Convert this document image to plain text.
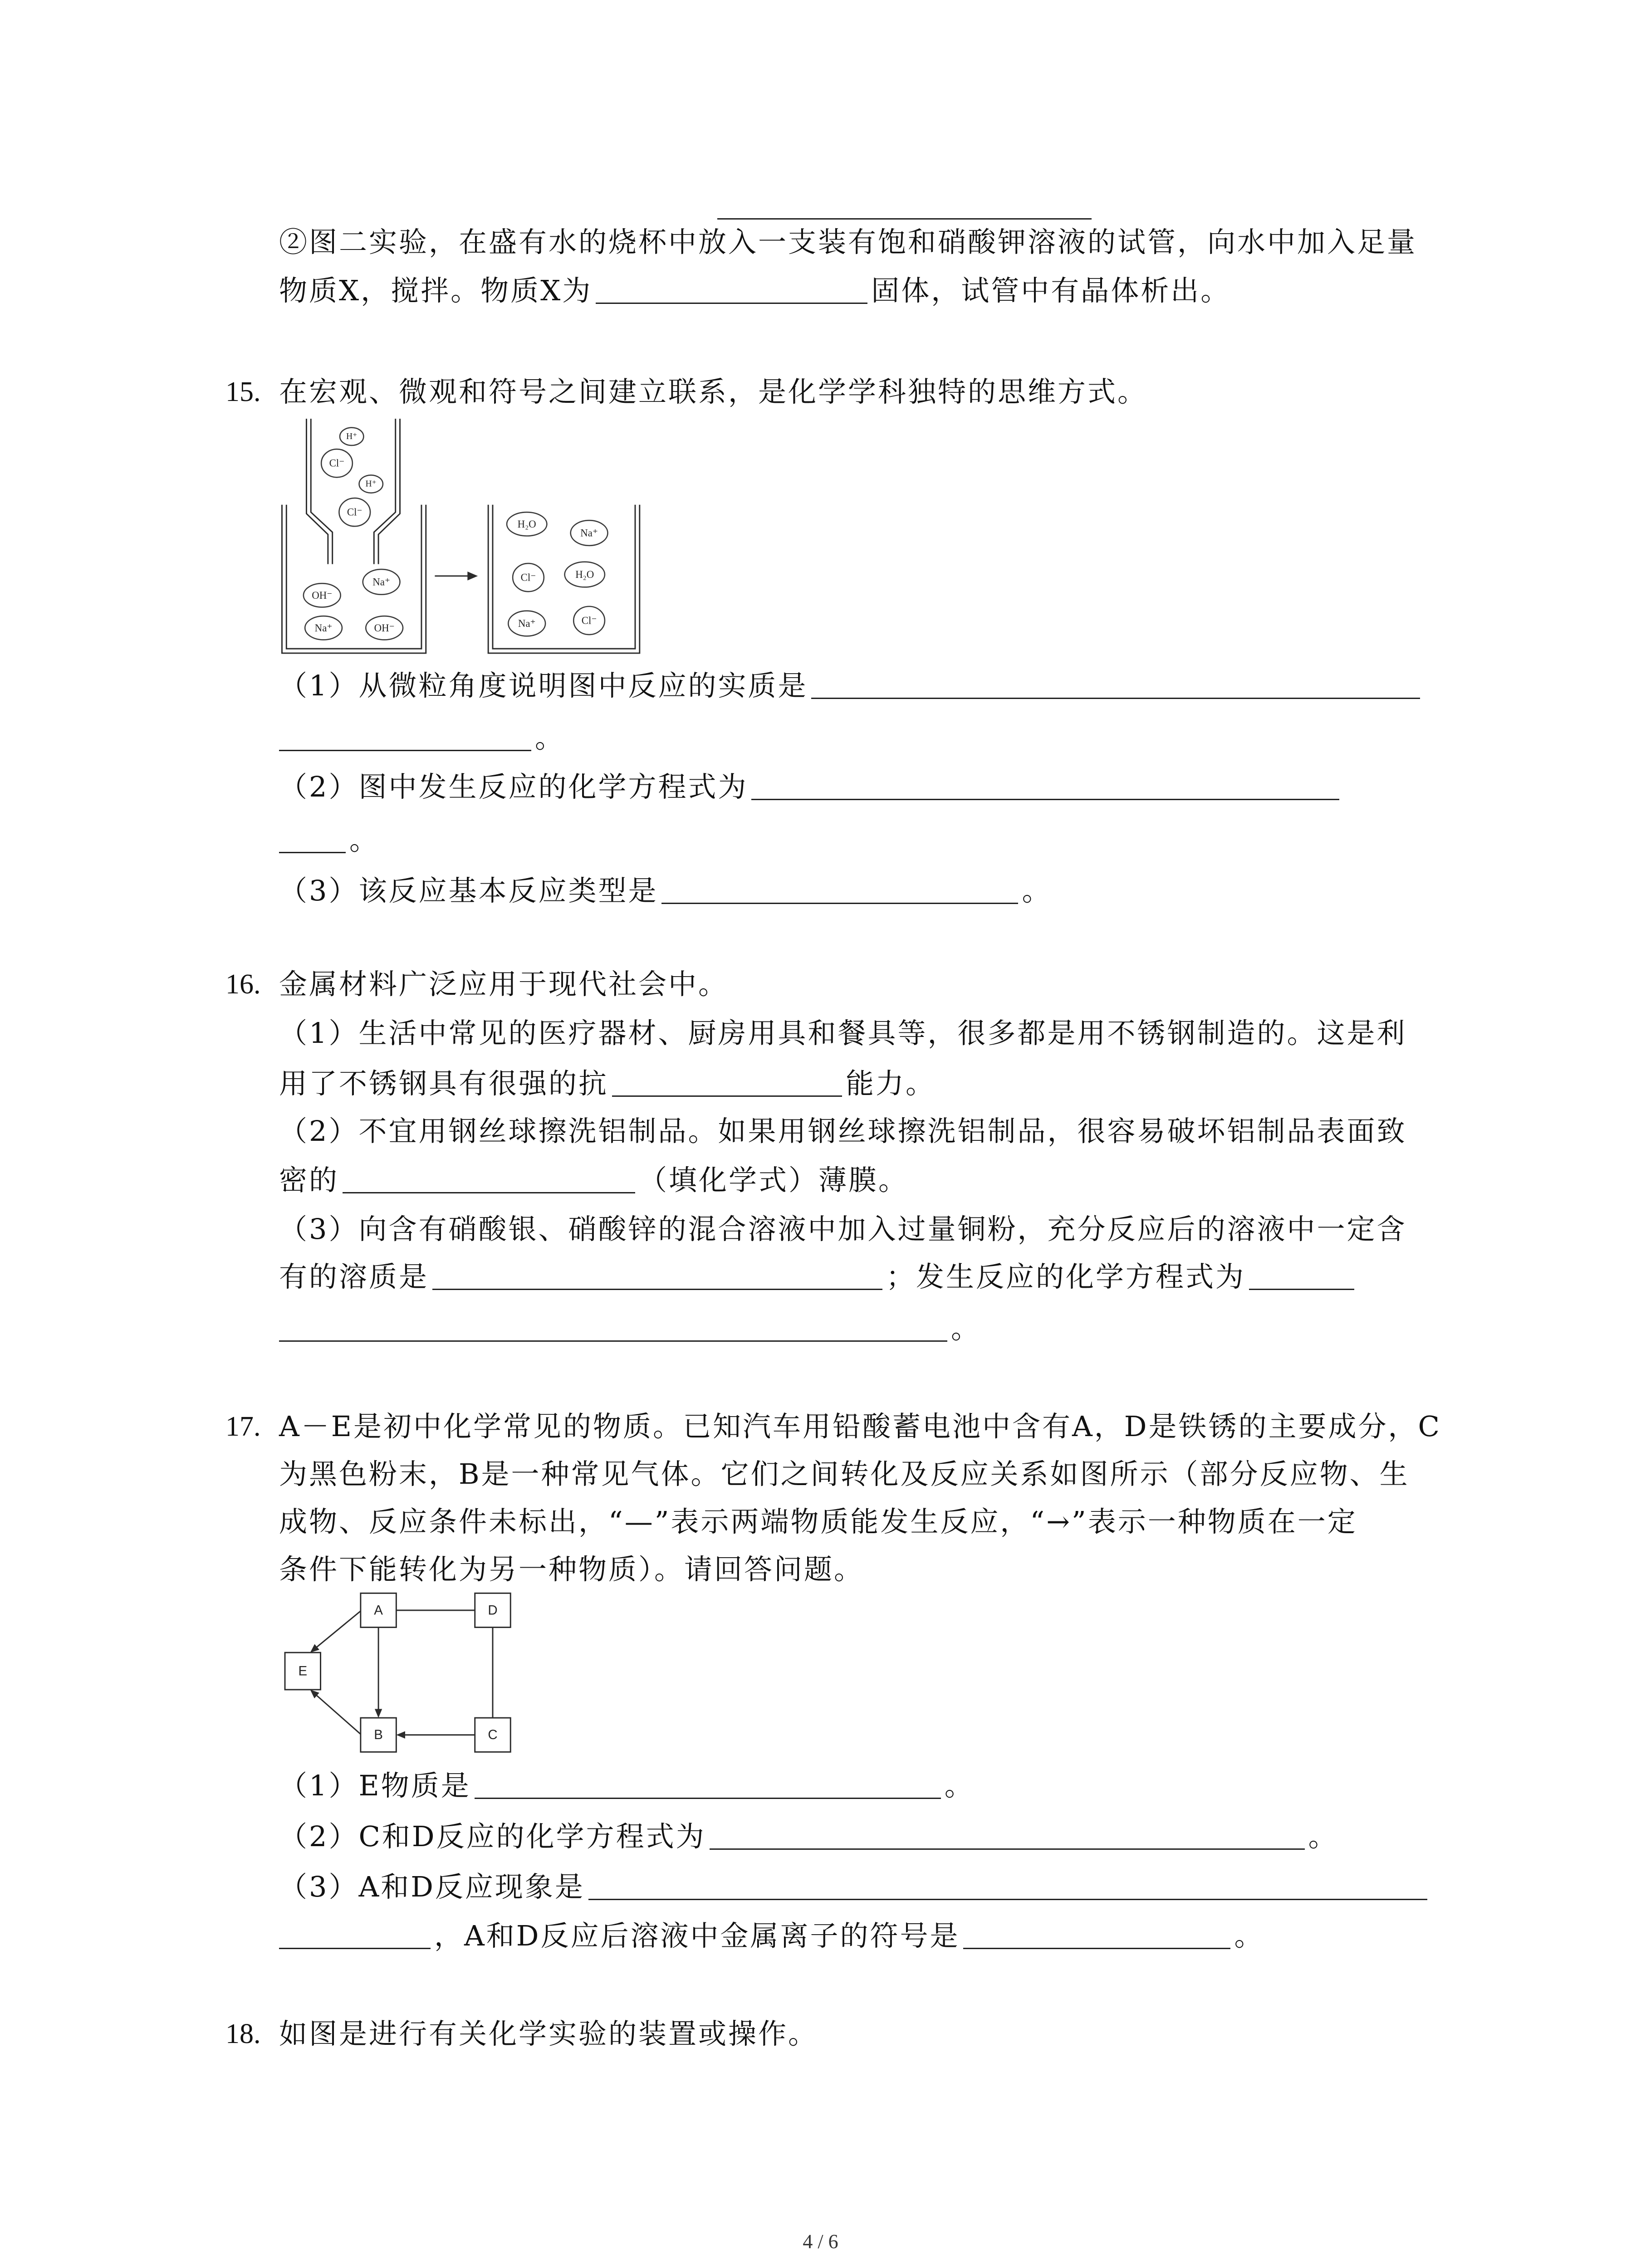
②图二实验，在盛有水的烧杯中放入一支装有饱和硝酸钾溶液的试管，向水中加入足量
物质X，搅拌。物质X为	固体，试管中有晶体析出。
15. 在宏观、微观和符号之间建立联系，是化学学科独特的思维方式。
H⁺
Cl⁻
H⁺
Cl⁻
OH⁻
Na⁺
Na⁺	OH⁻
H₂O
Na⁺
Cl⁻	H₂O
Na⁺	Cl⁻
（1）从微粒角度说明图中反应的实质是
。
（2）图中发生反应的化学方程式为
。
（3）该反应基本反应类型是	。
16. 金属材料广泛应用于现代社会中。
（1）生活中常见的医疗器材、厨房用具和餐具等，很多都是用不锈钢制造的。这是利
用了不锈钢具有很强的抗	能力。
（2）不宜用钢丝球擦洗铝制品。如果用钢丝球擦洗铝制品，很容易破坏铝制品表面致
密的	（填化学式）薄膜。
（3）向含有硝酸银、硝酸锌的混合溶液中加入过量铜粉，充分反应后的溶液中一定含
有的溶质是	；发生反应的化学方程式为
。
17. A－E是初中化学常见的物质。已知汽车用铅酸蓄电池中含有A，D是铁锈的主要成分，C
为黑色粉末，B是一种常见气体。它们之间转化及反应关系如图所示（部分反应物、生
成物、反应条件未标出，“—”表示两端物质能发生反应，“→”表示一种物质在一定
条件下能转化为另一种物质）。请回答问题。
A	D
E
B	C
（1）E物质是	。
（2）C和D反应的化学方程式为	。
（3）A和D反应现象是
，A和D反应后溶液中金属离子的符号是	。
18. 如图是进行有关化学实验的装置或操作。
4 / 6
